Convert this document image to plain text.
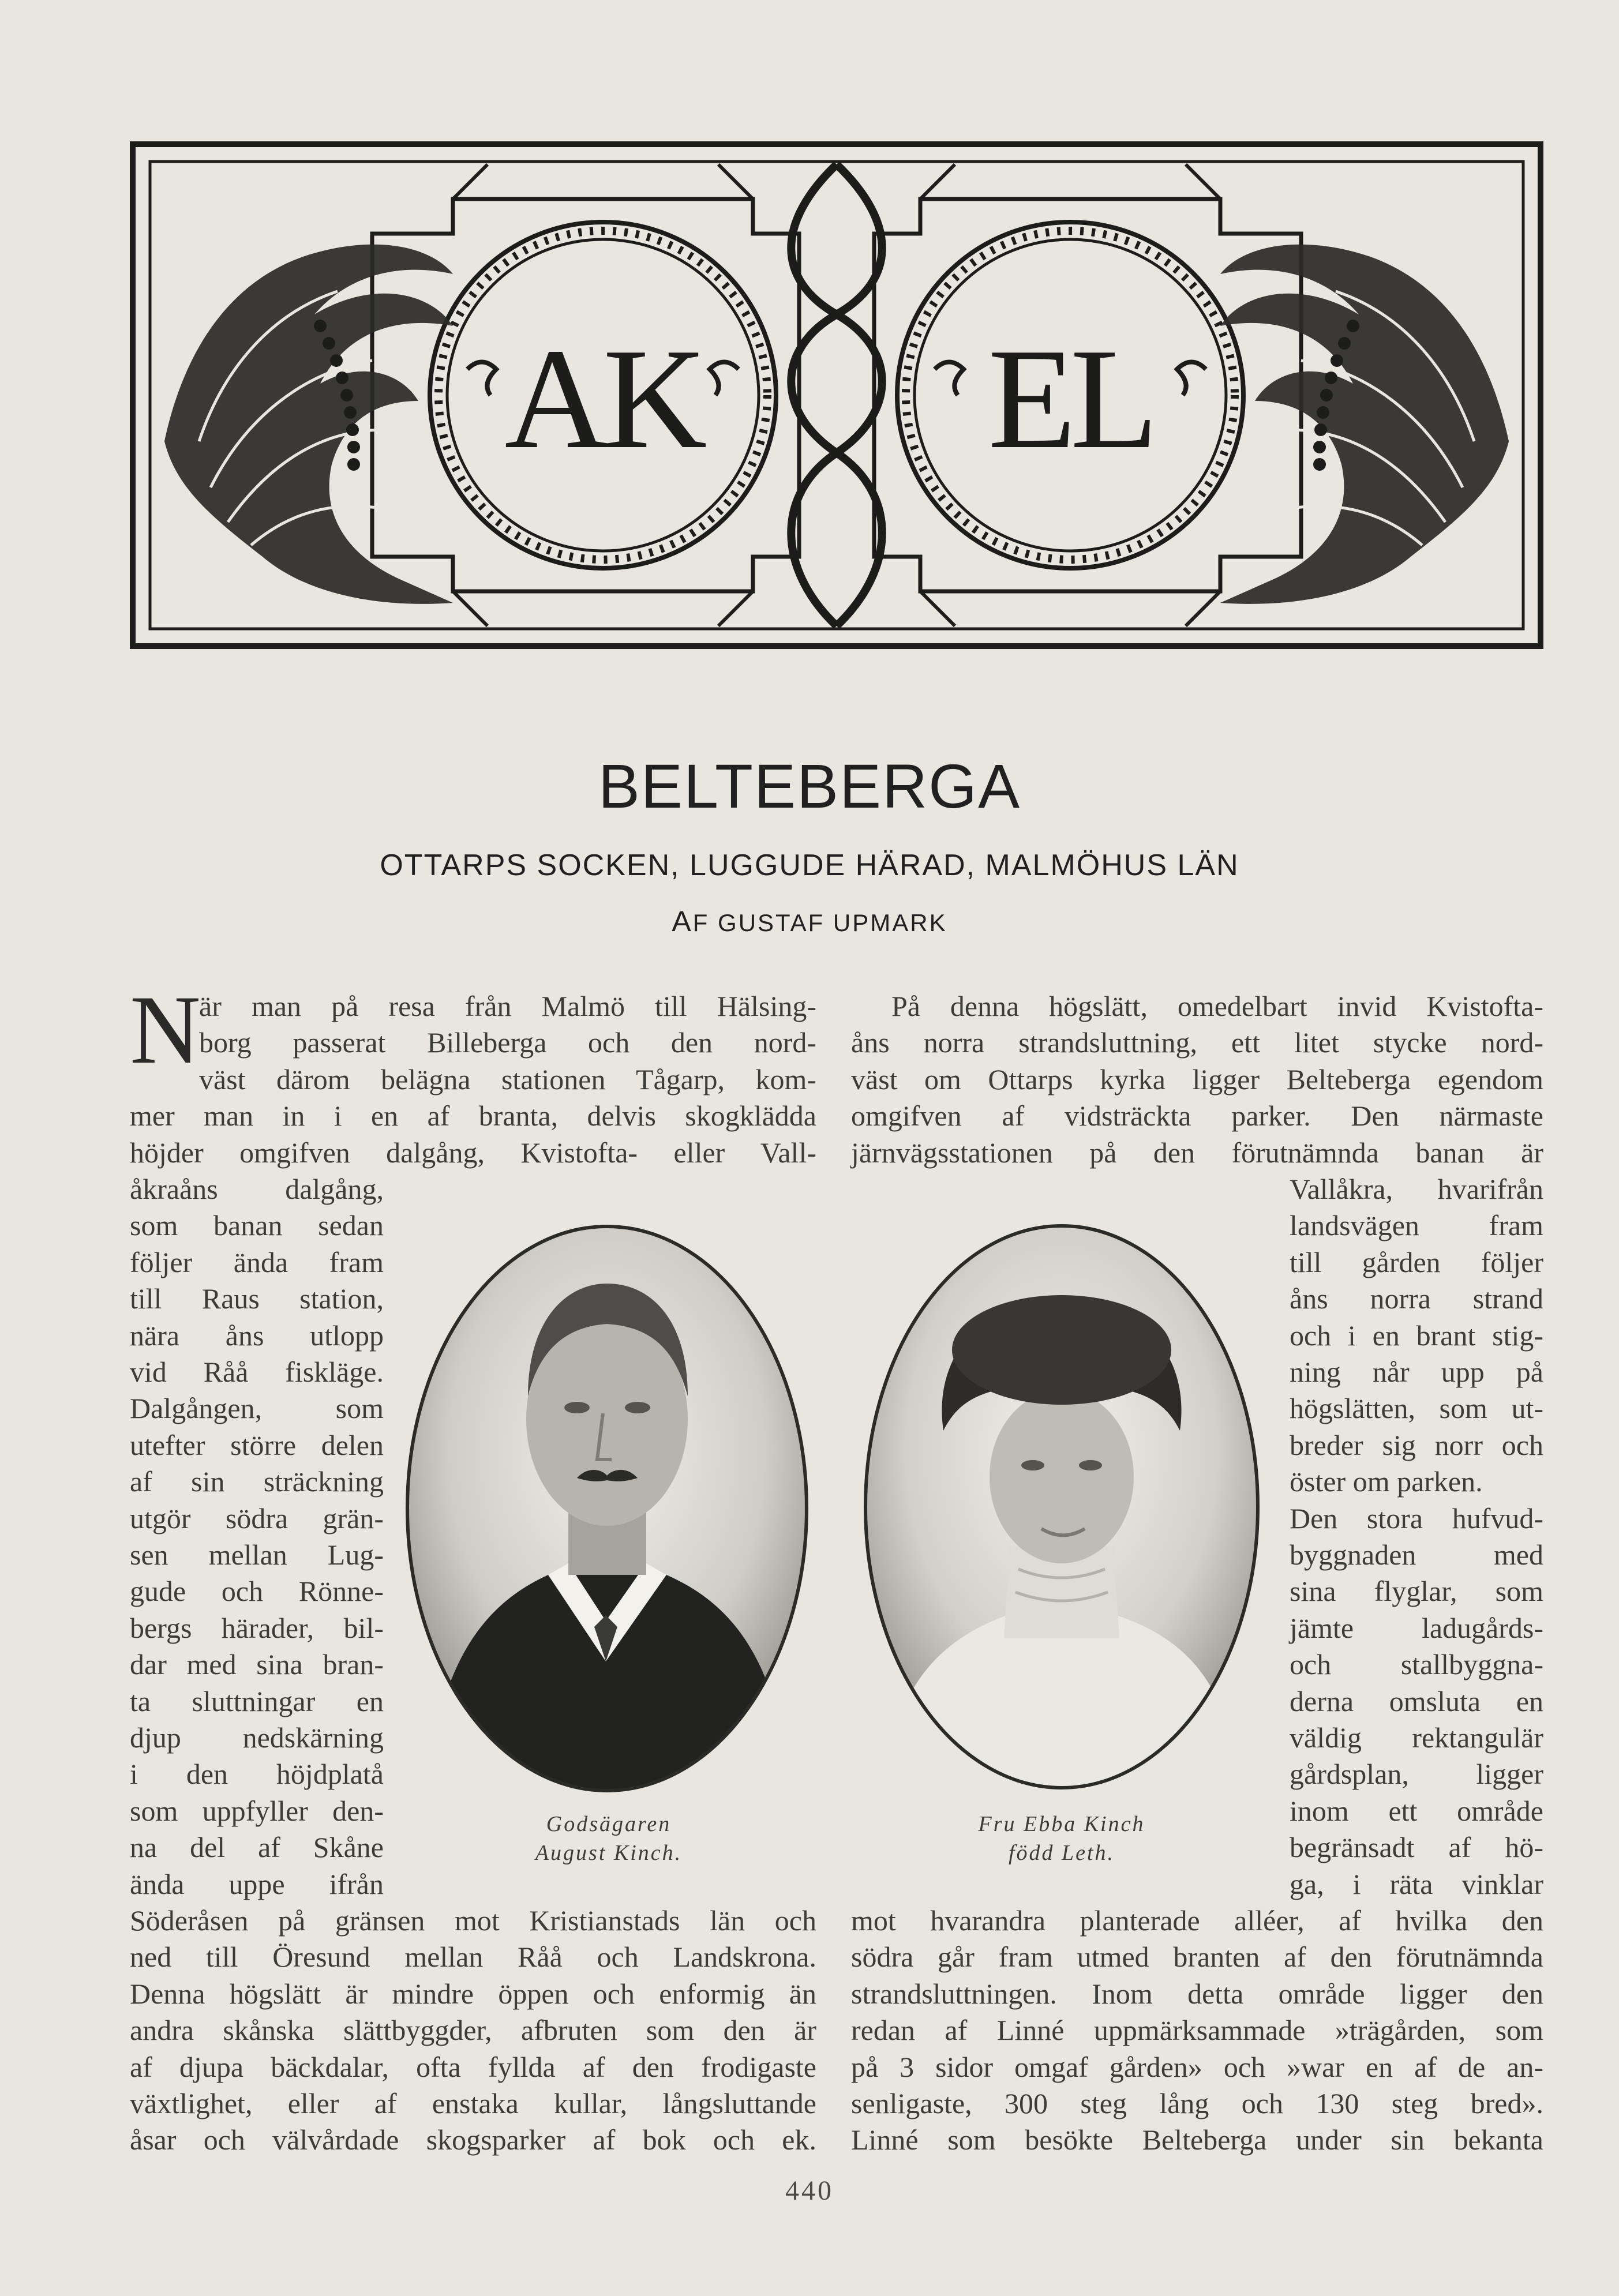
AK EL
BELTEBERGA
OTTARPS SOCKEN, LUGGUDE HÄRAD, MALMÖHUS LÄN
AF GUSTAF UPMARK
N
är man på resa från Malmö till Hälsing-
borg passerat Billeberga och den nord-
väst därom belägna stationen Tågarp, kom-
mer man in i en af branta, delvis skogklädda
höjder omgifven dalgång, Kvistofta- eller Vall-
åkraåns dalgång,
som banan sedan
följer ända fram
till Raus station,
nära åns utlopp
vid Råå fiskläge.
Dalgången, som
utefter större delen
af sin sträckning
utgör södra grän-
sen mellan Lug-
gude och Rönne-
bergs härader, bil-
dar med sina bran-
ta sluttningar en
djup nedskärning
i den höjdplatå
som uppfyller den-
na del af Skåne
ända uppe ifrån
Söderåsen på gränsen mot Kristianstads län och
ned till Öresund mellan Råå och Landskrona.
Denna högslätt är mindre öppen och enformig än
andra skånska slättbyggder, afbruten som den är
af djupa bäckdalar, ofta fyllda af den frodigaste
växtlighet, eller af enstaka kullar, långsluttande
åsar och välvårdade skogsparker af bok och ek.
På denna högslätt, omedelbart invid Kvistofta-
åns norra strandsluttning, ett litet stycke nord-
väst om Ottarps kyrka ligger Belteberga egendom
omgifven af vidsträckta parker. Den närmaste
järnvägsstationen på den förutnämnda banan är
Vallåkra, hvarifrån
landsvägen fram
till gården följer
åns norra strand
och i en brant stig-
ning når upp på
högslätten, som ut-
breder sig norr och
öster om parken.
Den stora hufvud-
byggnaden med
sina flyglar, som
jämte ladugårds-
och stallbyggna-
derna omsluta en
väldig rektangulär
gårdsplan, ligger
inom ett område
begränsadt af hö-
ga, i räta vinklar
mot hvarandra planterade alléer, af hvilka den
södra går fram utmed branten af den förutnämnda
strandsluttningen. Inom detta område ligger den
redan af Linné uppmärksammade »trägården, som
på 3 sidor omgaf gården» och »war en af de an-
senligaste, 300 steg lång och 130 steg bred».
Linné som besökte Belteberga under sin bekanta
Godsägaren
August Kinch.
Fru Ebba Kinch
född Leth.
440
